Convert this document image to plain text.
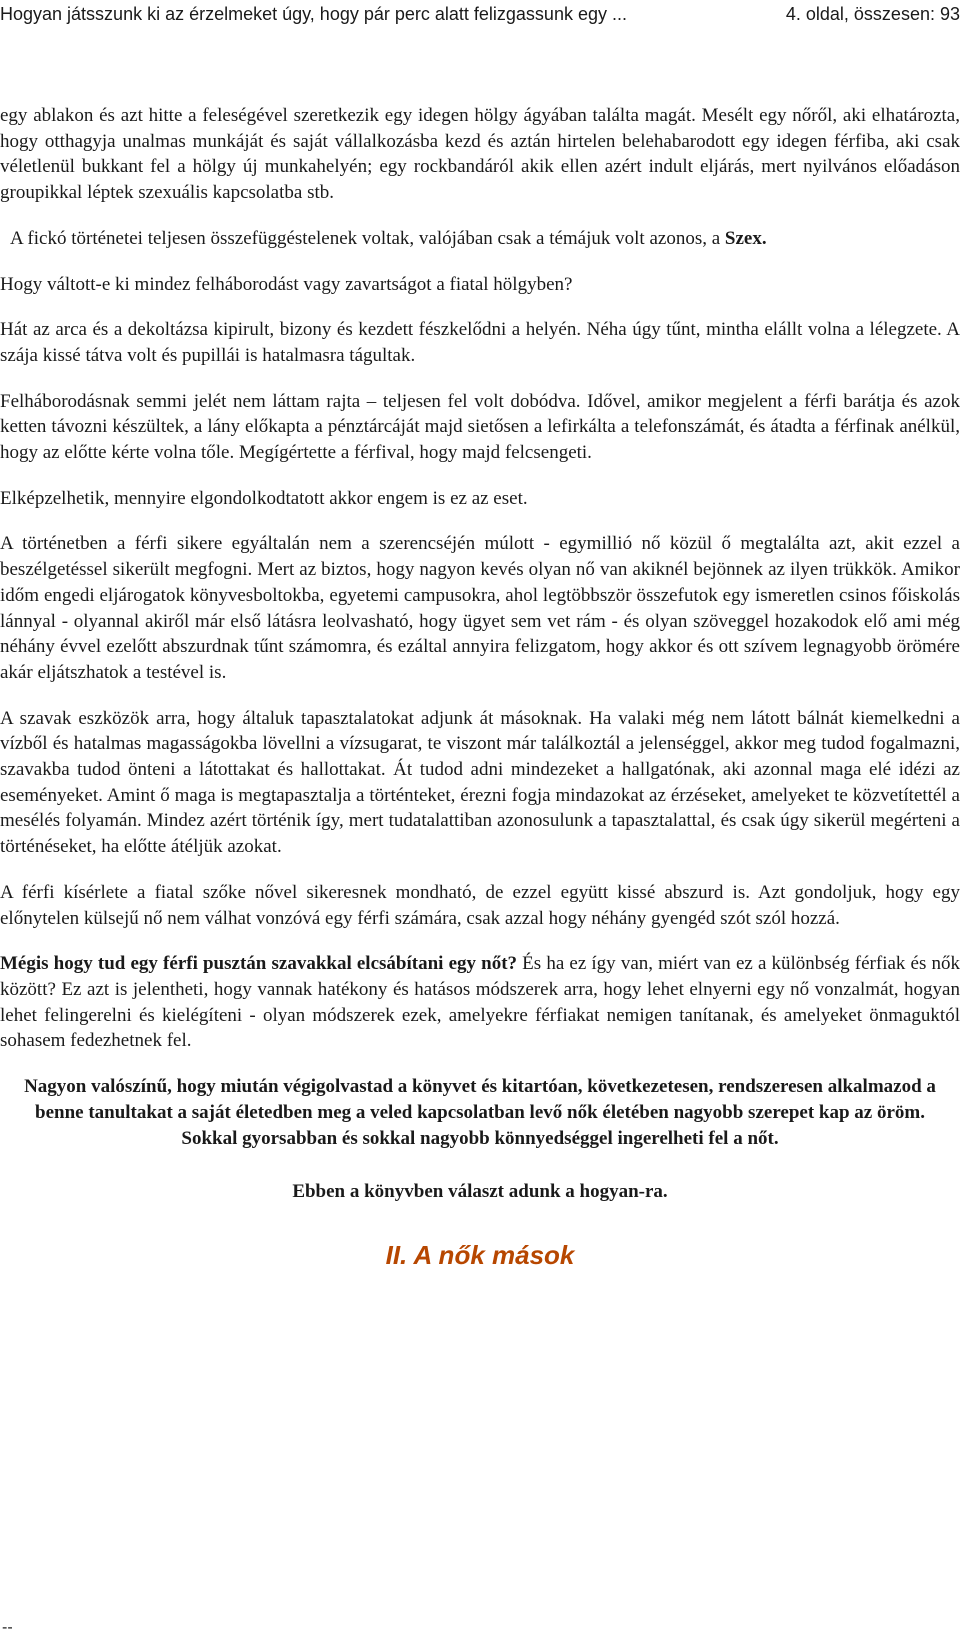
Hogyan játsszunk ki az érzelmeket úgy, hogy pár perc alatt felizgassunk egy ...	4. oldal, összesen: 93

egy ablakon és azt hitte a feleségével szeretkezik egy idegen hölgy ágyában találta magát. Mesélt egy nőről, aki elhatározta, hogy otthagyja unalmas munkáját és saját vállalkozásba kezd és aztán hirtelen belehabarodott egy idegen férfiba, aki csak véletlenül bukkant fel a hölgy új munkahelyén; egy rockbandáról akik ellen azért indult eljárás, mert nyilvános előadáson groupikkal léptek szexuális kapcsolatba stb.

A fickó történetei teljesen összefüggéstelenek voltak, valójában csak a témájuk volt azonos, a Szex.

Hogy váltott-e ki mindez felháborodást vagy zavartságot a fiatal hölgyben?

Hát az arca és a dekoltázsa kipirult, bizony és kezdett fészkelődni a helyén. Néha úgy tűnt, mintha elállt volna a lélegzete. A szája kissé tátva volt és pupillái is hatalmasra tágultak.

Felháborodásnak semmi jelét nem láttam rajta – teljesen fel volt dobódva. Idővel, amikor megjelent a férfi barátja és azok ketten távozni készültek, a lány előkapta a pénztárcáját majd sietősen a lefirkálta a telefonszámát, és átadta a férfinak anélkül, hogy az előtte kérte volna tőle. Megígértette a férfival, hogy majd felcsengeti.

Elképzelhetik, mennyire elgondolkodtatott akkor engem is ez az eset.

A történetben a férfi sikere egyáltalán nem a szerencséjén múlott - egymillió nő közül ő megtalálta azt, akit ezzel a beszélgetéssel sikerült megfogni. Mert az biztos, hogy nagyon kevés olyan nő van akiknél bejönnek az ilyen trükkök. Amikor időm engedi eljárogatok könyvesboltokba, egyetemi campusokra, ahol legtöbbször összefutok egy ismeretlen csinos főiskolás lánnyal - olyannal akiről már első látásra leolvasható, hogy ügyet sem vet rám - és olyan szöveggel hozakodok elő ami még néhány évvel ezelőtt abszurdnak tűnt számomra, és ezáltal annyira felizgatom, hogy akkor és ott szívem legnagyobb örömére akár eljátszhatok a testével is.

A szavak eszközök arra, hogy általuk tapasztalatokat adjunk át másoknak. Ha valaki még nem látott bálnát kiemelkedni a vízből és hatalmas magasságokba lövellni a vízsugarat, te viszont már találkoztál a jelenséggel, akkor meg tudod fogalmazni, szavakba tudod önteni a látottakat és hallottakat. Át tudod adni mindezeket a hallgatónak, aki azonnal maga elé idézi az eseményeket. Amint ő maga is megtapasztalja a történteket, érezni fogja mindazokat az érzéseket, amelyeket te közvetítettél a mesélés folyamán. Mindez azért történik így, mert tudatalattiban azonosulunk a tapasztalattal, és csak úgy sikerül megérteni a történéseket, ha előtte átéljük azokat.

A férfi kísérlete a fiatal szőke nővel sikeresnek mondható, de ezzel együtt kissé abszurd is. Azt gondoljuk, hogy egy előnytelen külsejű nő nem válhat vonzóvá egy férfi számára, csak azzal hogy néhány gyengéd szót szól hozzá.

Mégis hogy tud egy férfi pusztán szavakkal elcsábítani egy nőt? És ha ez így van, miért van ez a különbség férfiak és nők között? Ez azt is jelentheti, hogy vannak hatékony és hatásos módszerek arra, hogy lehet elnyerni egy nő vonzalmát, hogyan lehet felingerelni és kielégíteni - olyan módszerek ezek, amelyekre férfiakat nemigen tanítanak, és amelyeket önmaguktól sohasem fedezhetnek fel.

Nagyon valószínű, hogy miután végigolvastad a könyvet és kitartóan, következetesen, rendszeresen alkalmazod a benne tanultakat a saját életedben meg a veled kapcsolatban levő nők életében nagyobb szerepet kap az öröm. Sokkal gyorsabban és sokkal nagyobb könnyedséggel ingerelheti fel a nőt.

Ebben a könyvben választ adunk a hogyan-ra.

II. A nők mások

--
